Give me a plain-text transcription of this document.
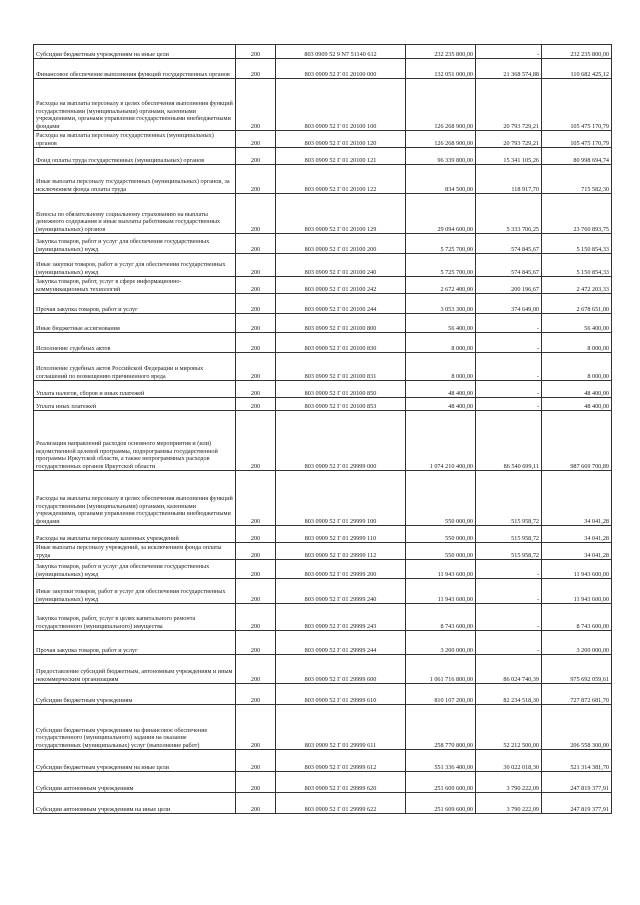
Субсидии бюджетным учреждениям на иные цели	200	803 0909 52 9 N7 51140 612	232 235 800,00	-	232 235 800,00
Финансовое обеспечение выполнения функций государственных органов	200	803 0909 52 Г 01 20100 000	132 051 000,00	21 368 574,88	110 682 425,12
Расходы на выплаты персоналу в целях обеспечения выполнения функций государственными (муниципальными) органами, казенными учреждениями, органами управления государственными внебюджетными фондами	200	803 0909 52 Г 01 20100 100	126 268 900,00	20 793 729,21	105 475 170,79
Расходы на выплаты персоналу государственных (муниципальных) органов	200	803 0909 52 Г 01 20100 120	126 268 900,00	20 793 729,21	105 475 170,79
Фонд оплаты труда государственных (муниципальных) органов	200	803 0909 52 Г 01 20100 121	96 339 800,00	15 341 105,26	80 998 694,74
Иные выплаты персоналу государственных (муниципальных) органов, за исключением фонда оплаты труда	200	803 0909 52 Г 01 20100 122	834 500,00	118 917,70	715 582,30
Взносы по обязательному социальному страхованию на выплаты денежного содержания и иные выплаты работникам государственных (муниципальных) органов	200	803 0909 52 Г 01 20100 129	29 094 600,00	5 333 706,25	23 760 893,75
Закупка товаров, работ и услуг для обеспечения государственных (муниципальных) нужд	200	803 0909 52 Г 01 20100 200	5 725 700,00	574 845,67	5 150 854,33
Иные закупки товаров, работ и услуг для обеспечения государственных (муниципальных) нужд	200	803 0909 52 Г 01 20100 240	5 725 700,00	574 845,67	5 150 854,33
Закупка товаров, работ, услуг в сфере информационно-коммуникационных технологий	200	803 0909 52 Г 01 20100 242	2 672 400,00	200 196,67	2 472 203,33
Прочая закупка товаров, работ и услуг	200	803 0909 52 Г 01 20100 244	3 053 300,00	374 649,00	2 678 651,00
Иные бюджетные ассигнования	200	803 0909 52 Г 01 20100 800	56 400,00	-	56 400,00
Исполнение судебных актов	200	803 0909 52 Г 01 20100 830	8 000,00	-	8 000,00
Исполнение судебных актов Российской Федерации и мировых соглашений по возмещению причиненного вреда	200	803 0909 52 Г 01 20100 831	8 000,00	-	8 000,00
Уплата налогов, сборов и иных платежей	200	803 0909 52 Г 01 20100 850	48 400,00	-	48 400,00
Уплата иных платежей	200	803 0909 52 Г 01 20100 853	48 400,00	-	48 400,00
Реализация направлений расходов основного мероприятия и (или) ведомственной целевой программы, подпрограммы государственной программы Иркутской области, а также непрограммных расходов государственных органов Иркутской области	200	803 0909 52 Г 01 29999 000	1 074 210 400,00	86 540 699,11	987 669 700,89
Расходы на выплаты персоналу в целях обеспечения выполнения функций государственными (муниципальными) органами, казенными учреждениями, органами управления государственными внебюджетными фондами	200	803 0909 52 Г 01 29999 100	550 000,00	515 958,72	34 041,28
Расходы на выплаты персоналу казенных учреждений	200	803 0909 52 Г 01 29999 110	550 000,00	515 958,72	34 041,28
Иные выплаты персоналу учреждений, за исключением фонда оплаты труда	200	803 0909 52 Г 01 29999 112	550 000,00	515 958,72	34 041,28
Закупка товаров, работ и услуг для обеспечения государственных (муниципальных) нужд	200	803 0909 52 Г 01 29999 200	11 943 600,00	-	11 943 600,00
Иные закупки товаров, работ и услуг для обеспечения государственных (муниципальных) нужд	200	803 0909 52 Г 01 29999 240	11 943 600,00	-	11 943 600,00
Закупка товаров, работ, услуг в целях капитального ремонта государственного (муниципального) имущества	200	803 0909 52 Г 01 29999 243	8 743 600,00	-	8 743 600,00
Прочая закупка товаров, работ и услуг	200	803 0909 52 Г 01 29999 244	3 200 000,00	-	3 200 000,00
Предоставление субсидий бюджетным, автономным учреждениям и иным некоммерческим организациям	200	803 0909 52 Г 01 29999 600	1 061 716 800,00	86 024 740,39	975 692 059,61
Субсидии бюджетным учреждениям	200	803 0909 52 Г 01 29999 610	810 107 200,00	82 234 518,30	727 872 681,70
Субсидии бюджетным учреждениям на финансовое обеспечение государственного (муниципального) задания на оказание государственных (муниципальных) услуг (выполнение работ)	200	803 0909 52 Г 01 29999 611	258 770 800,00	52 212 500,00	206 558 300,00
Субсидии бюджетным учреждениям на иные цели	200	803 0909 52 Г 01 29999 612	551 336 400,00	30 022 018,30	521 314 381,70
Субсидии автономным учреждениям	200	803 0909 52 Г 01 29999 620	251 609 600,00	3 790 222,09	247 819 377,91
Субсидии автономным учреждениям на иные цели	200	803 0909 52 Г 01 29999 622	251 609 600,00	3 790 222,09	247 819 377,91
